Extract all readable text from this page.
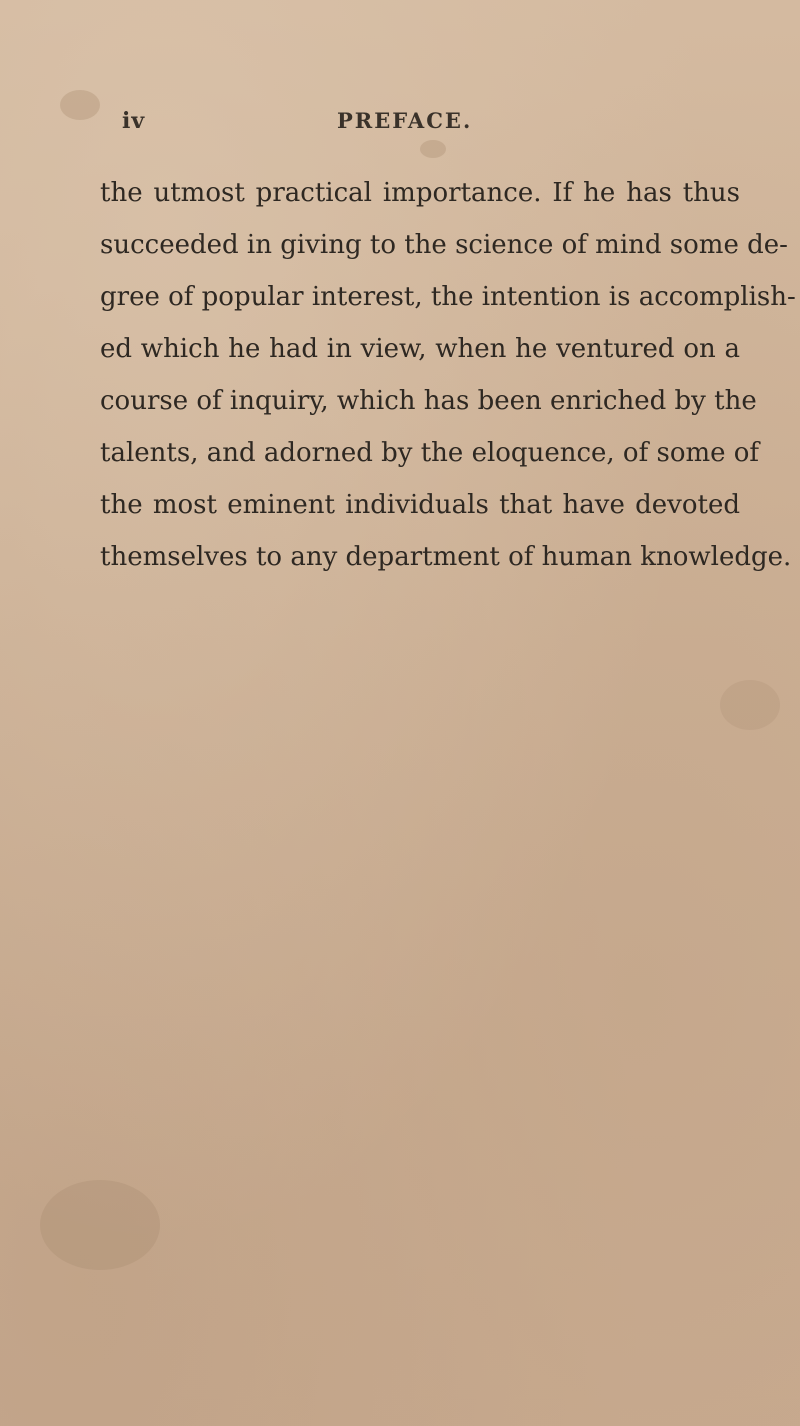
iv	PREFACE.
the utmost practical importance. If he has thus
succeeded in giving to the science of mind some de-
gree of popular interest, the intention is accomplish-
ed which he had in view, when he ventured on a
course of inquiry, which has been enriched by the
talents, and adorned by the eloquence, of some of
the most eminent individuals that have devoted
themselves to any department of human knowledge.
